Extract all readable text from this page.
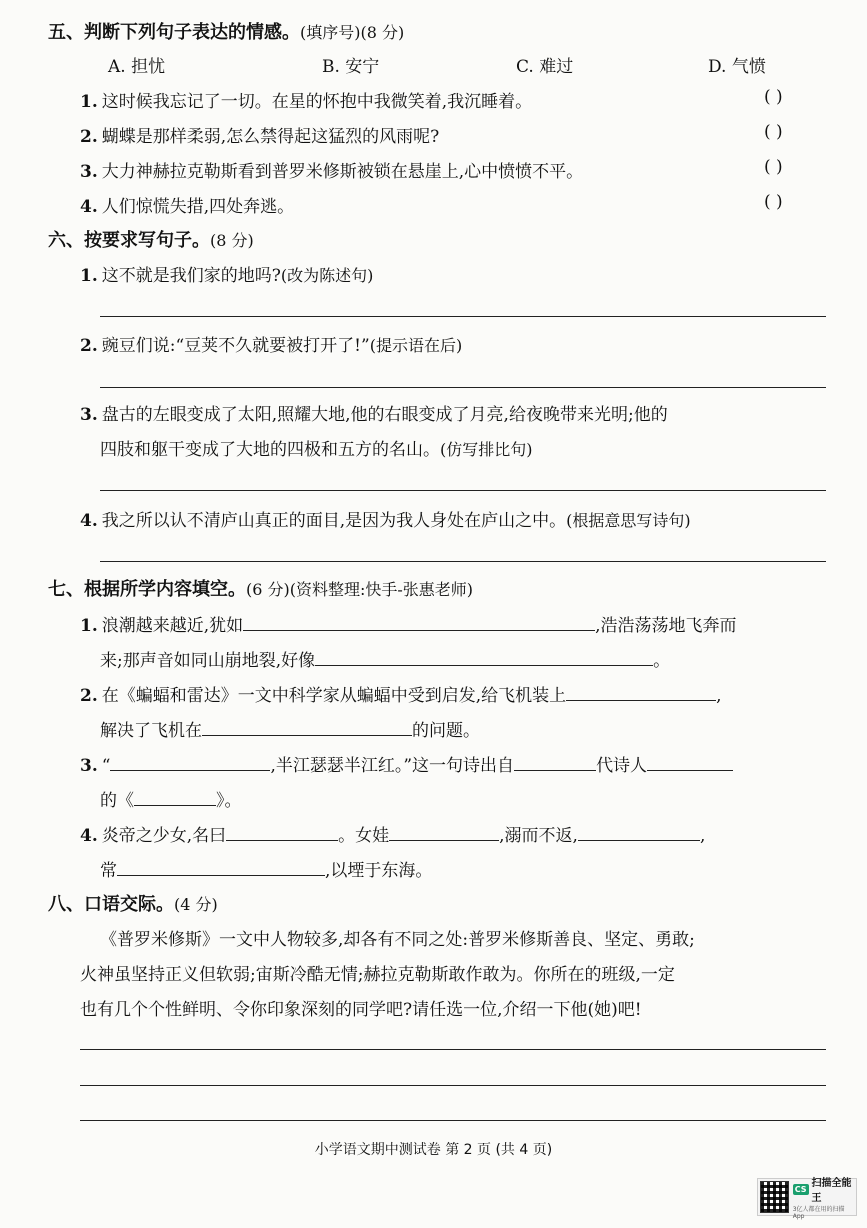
五、判断下列句子表达的情感。(填序号)(8 分)
A. 担忧	B. 安宁	C. 难过	D. 气愤
1. 这时候我忘记了一切。在星的怀抱中我微笑着,我沉睡着。	( )
2. 蝴蝶是那样柔弱,怎么禁得起这猛烈的风雨呢?	( )
3. 大力神赫拉克勒斯看到普罗米修斯被锁在悬崖上,心中愤愤不平。	( )
4. 人们惊慌失措,四处奔逃。	( )
六、按要求写句子。(8 分)
1. 这不就是我们家的地吗?(改为陈述句)
2. 豌豆们说:“豆荚不久就要被打开了!”(提示语在后)
3. 盘古的左眼变成了太阳,照耀大地,他的右眼变成了月亮,给夜晚带来光明;他的
四肢和躯干变成了大地的四极和五方的名山。(仿写排比句)
4. 我之所以认不清庐山真正的面目,是因为我人身处在庐山之中。(根据意思写诗句)
七、根据所学内容填空。(6 分)(资料整理:快手-张惠老师)
1. 浪潮越来越近,犹如	,浩浩荡荡地飞奔而
来;那声音如同山崩地裂,好像	。
2. 在《蝙蝠和雷达》一文中科学家从蝙蝠中受到启发,给飞机装上	,
解决了飞机在	的问题。
3. “	,半江瑟瑟半江红。”这一句诗出自	代诗人
的《	》。
4. 炎帝之少女,名曰	。女娃	,溺而不返,	,
常	,以堙于东海。
八、口语交际。(4 分)
《普罗米修斯》一文中人物较多,却各有不同之处:普罗米修斯善良、坚定、勇敢;
火神虽坚持正义但软弱;宙斯冷酷无情;赫拉克勒斯敢作敢为。你所在的班级,一定
也有几个个性鲜明、令你印象深刻的同学吧?请任选一位,介绍一下他(她)吧!
小学语文期中测试卷 第 2 页 (共 4 页)
CS 扫描全能王
3亿人都在用的扫描App
